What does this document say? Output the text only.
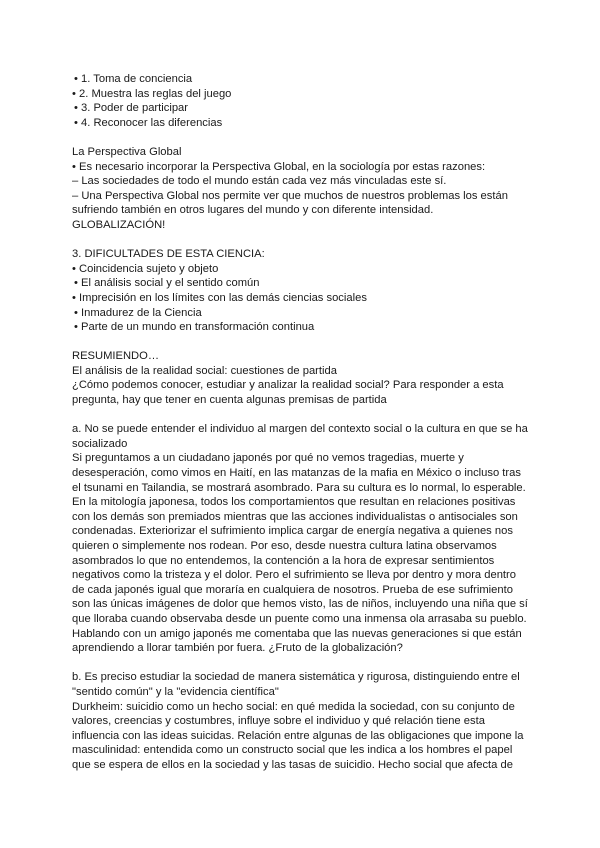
• 1. Toma de conciencia

• 2. Muestra las reglas del juego

• 3. Poder de participar

• 4. Reconocer las diferencias

La Perspectiva Global

• Es necesario incorporar la Perspectiva Global, en la sociología por estas razones:

– Las sociedades de todo el mundo están cada vez más vinculadas este sí.

– Una Perspectiva Global nos permite ver que muchos de nuestros problemas los están

sufriendo también en otros lugares del mundo y con diferente intensidad.

GLOBALIZACIÓN!

3. DIFICULTADES DE ESTA CIENCIA:

• Coincidencia sujeto y objeto

• El análisis social y el sentido común

• Imprecisión en los límites con las demás ciencias sociales

• Inmadurez de la Ciencia

• Parte de un mundo en transformación continua

RESUMIENDO…

El análisis de la realidad social: cuestiones de partida

¿Cómo podemos conocer, estudiar y analizar la realidad social? Para responder a esta

pregunta, hay que tener en cuenta algunas premisas de partida

a. No se puede entender el individuo al margen del contexto social o la cultura en que se ha

socializado

Si preguntamos a un ciudadano japonés por qué no vemos tragedias, muerte y

desesperación, como vimos en Haití, en las matanzas de la mafia en México o incluso tras

el tsunami en Tailandia, se mostrará asombrado. Para su cultura es lo normal, lo esperable.

En la mitología japonesa, todos los comportamientos que resultan en relaciones positivas

con los demás son premiados mientras que las acciones individualistas o antisociales son

condenadas. Exteriorizar el sufrimiento implica cargar de energía negativa a quienes nos

quieren o simplemente nos rodean. Por eso, desde nuestra cultura latina observamos

asombrados lo que no entendemos, la contención a la hora de expresar sentimientos

negativos como la tristeza y el dolor. Pero el sufrimiento se lleva por dentro y mora dentro

de cada japonés igual que moraría en cualquiera de nosotros. Prueba de ese sufrimiento

son las únicas imágenes de dolor que hemos visto, las de niños, incluyendo una niña que sí

que lloraba cuando observaba desde un puente como una inmensa ola arrasaba su pueblo.

Hablando con un amigo japonés me comentaba que las nuevas generaciones si que están

aprendiendo a llorar también por fuera. ¿Fruto de la globalización?

b. Es preciso estudiar la sociedad de manera sistemática y rigurosa, distinguiendo entre el

"sentido común" y la "evidencia científica"

Durkheim: suicidio como un hecho social: en qué medida la sociedad, con su conjunto de

valores, creencias y costumbres, influye sobre el individuo y qué relación tiene esta

influencia con las ideas suicidas. Relación entre algunas de las obligaciones que impone la

masculinidad: entendida como un constructo social que les indica a los hombres el papel

que se espera de ellos en la sociedad y las tasas de suicidio. Hecho social que afecta de
